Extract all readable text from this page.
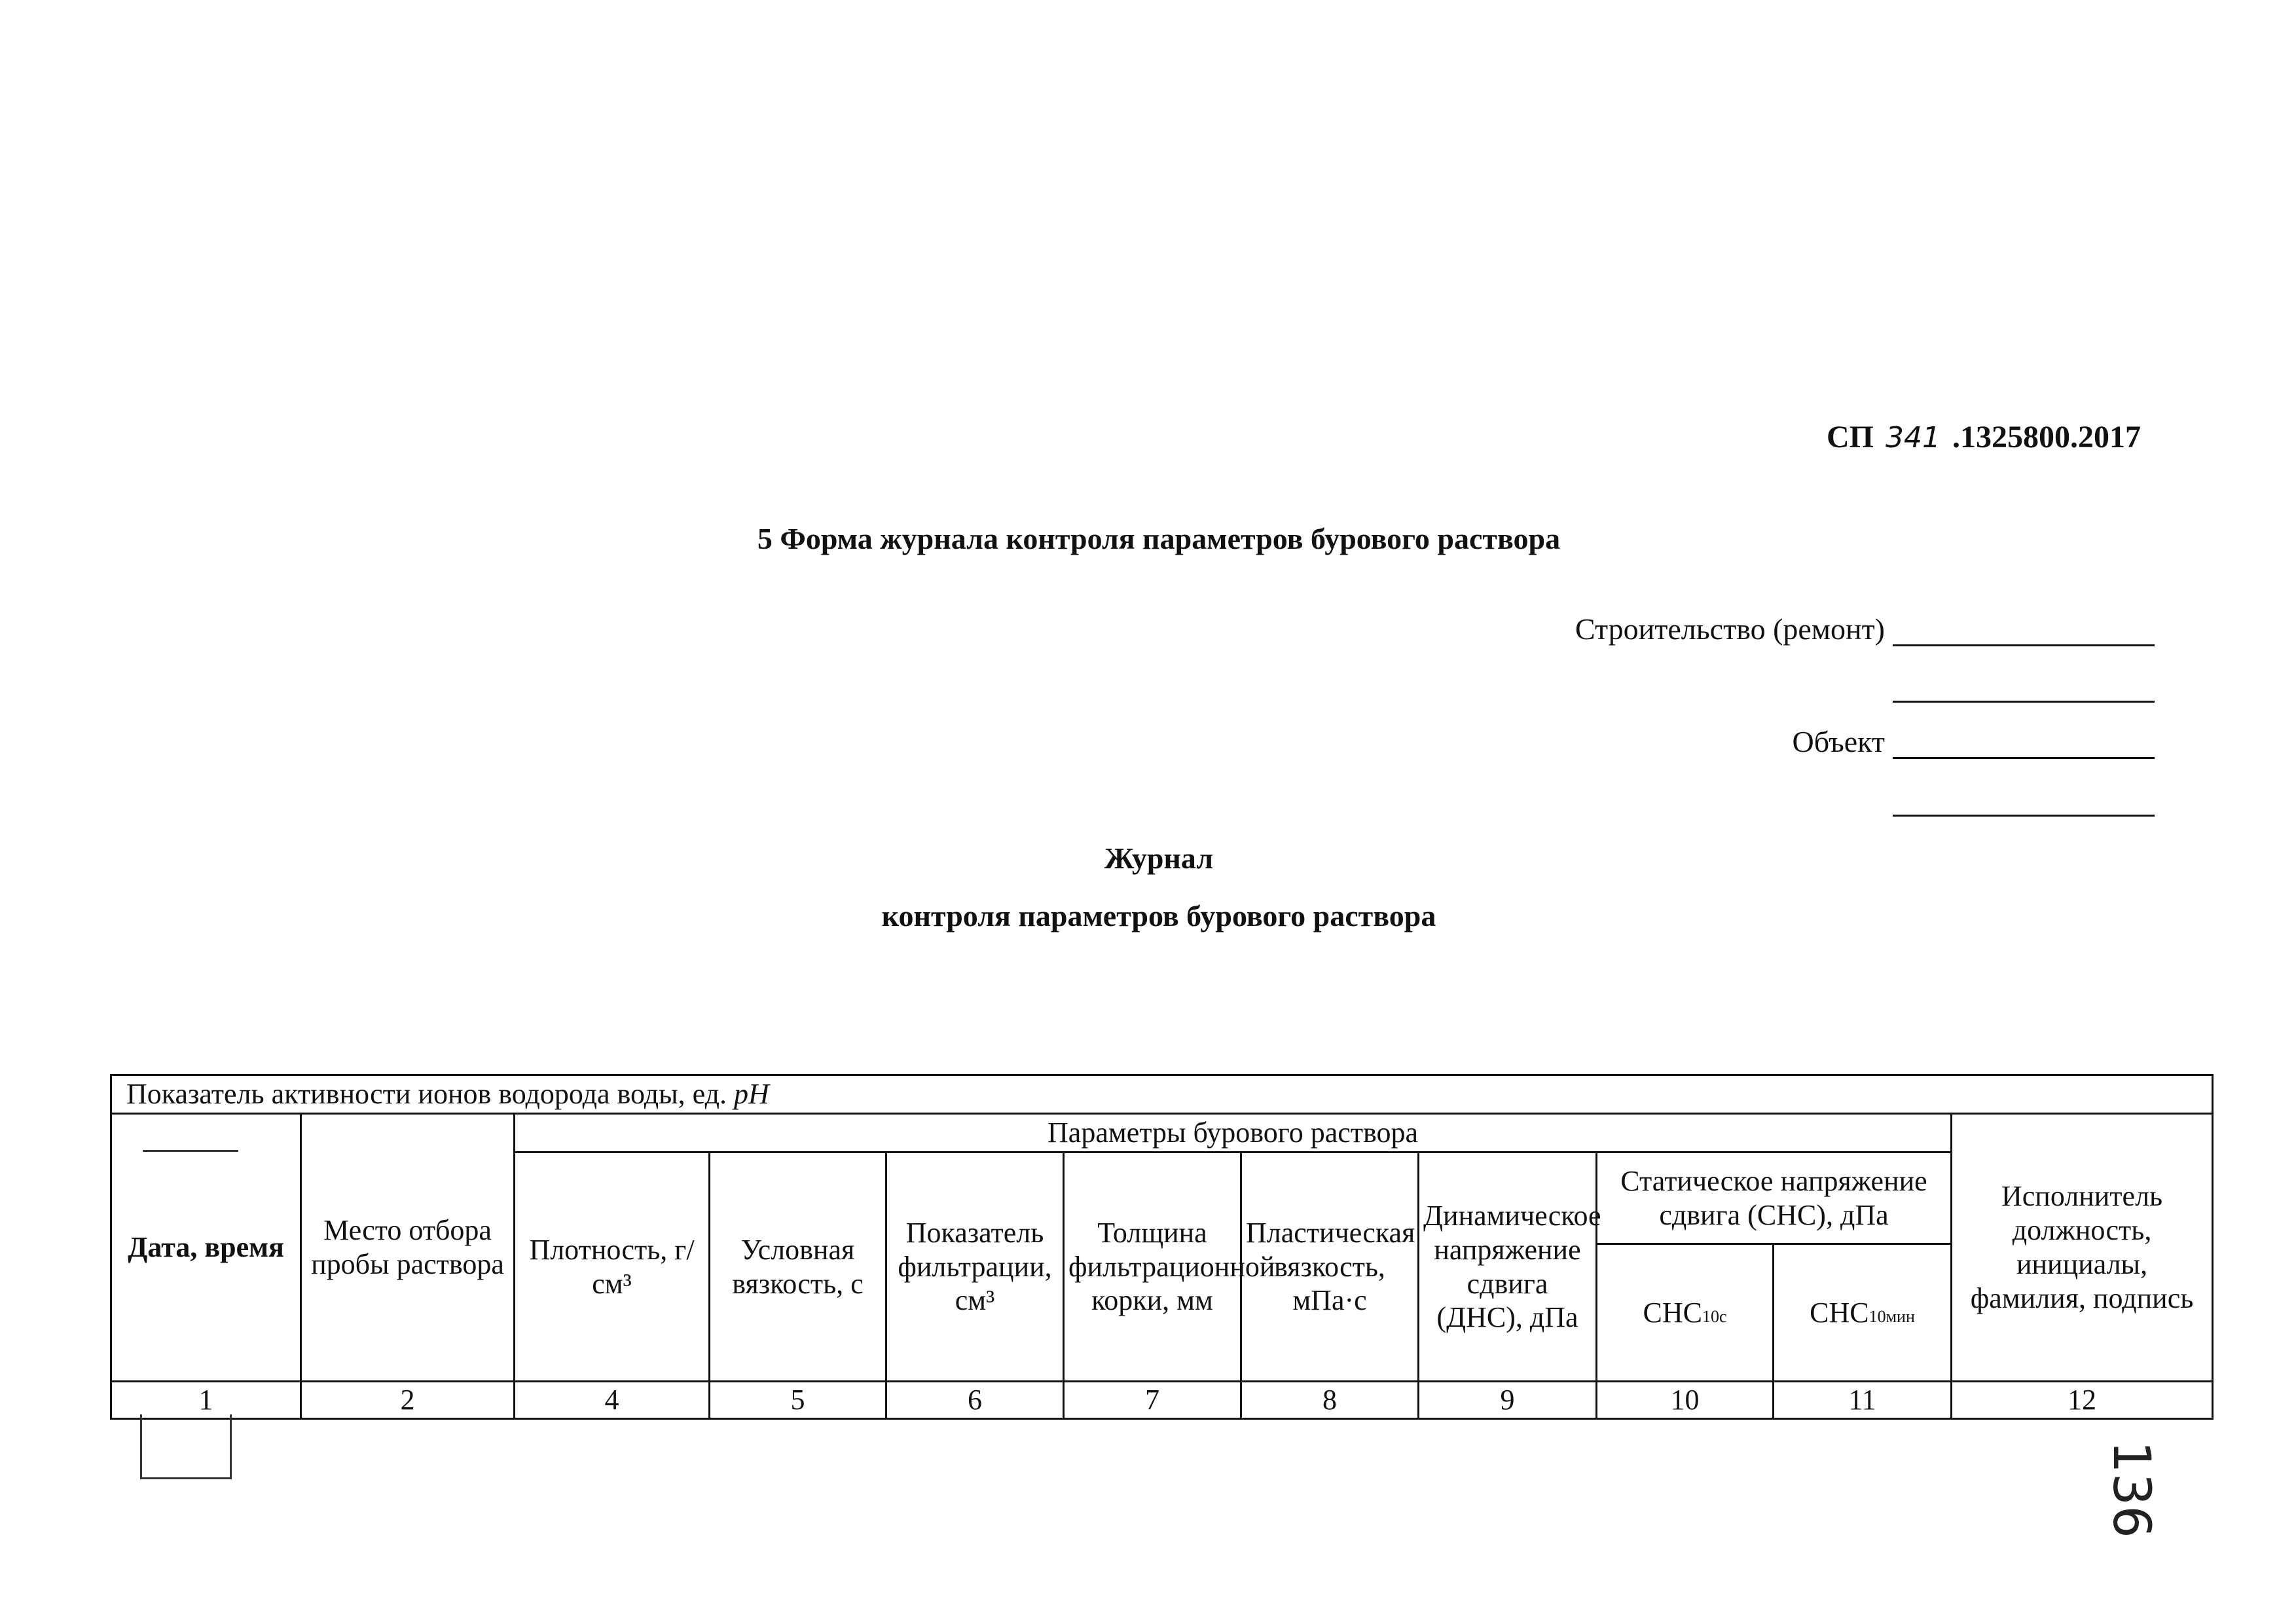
СП 341 .1325800.2017
5 Форма журнала контроля параметров бурового раствора
Строительство (ремонт)
Объект
Журнал
контроля параметров бурового раствора
Показатель активности ионов водорода воды, ед. pH										
Дата, время	Место отбора пробы раствора	Параметры бурового раствора								Исполнитель должность, инициалы, фамилия, подпись
		Плотность, г/см³	Условная вязкость, с	Показатель фильтрации, см³	Толщина фильтрационной корки, мм	Пластическая вязкость, мПа·с	Динамическое напряжение сдвига (ДНС), дПа	Статическое напряжение сдвига (СНС), дПа		
								СНС10с	СНС10мин	
1	2	4	5	6	7	8	9	10	11	12
136
